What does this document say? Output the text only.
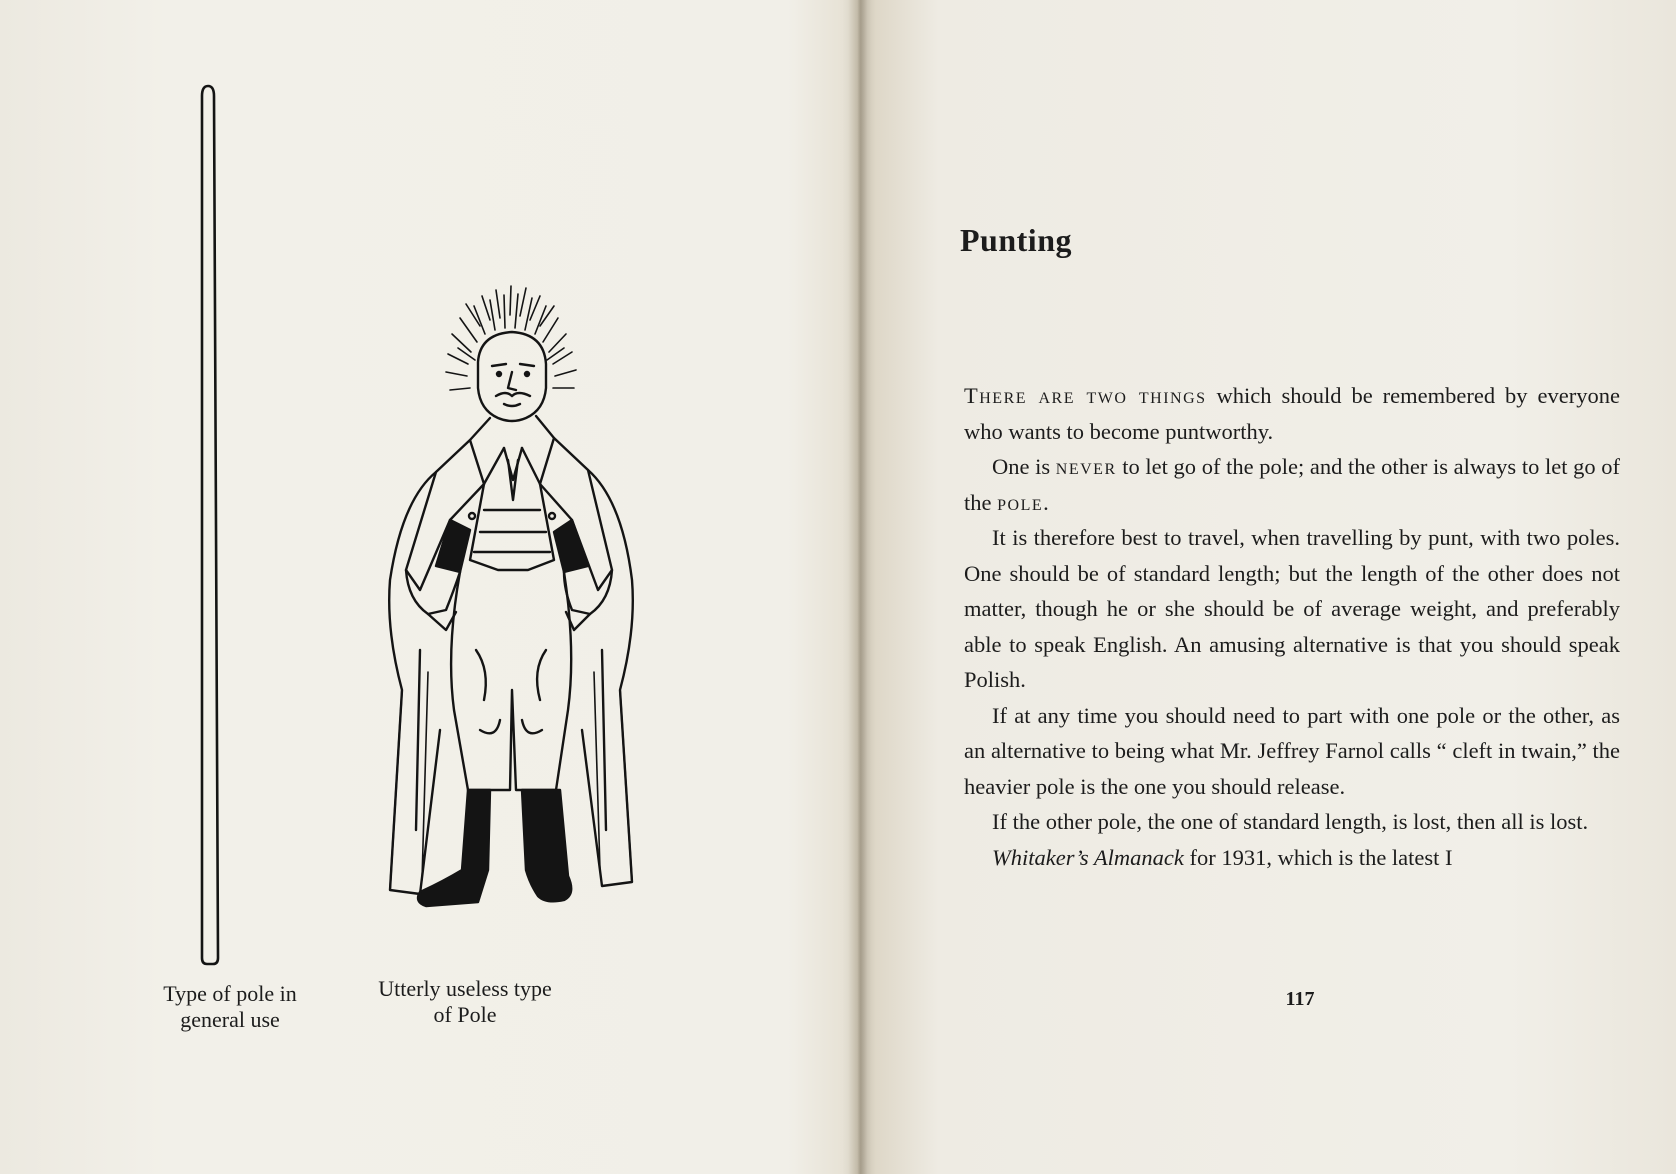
Type of pole in
general use
Utterly useless type
of Pole
Punting

There are two things which should be remembered by everyone who wants to become puntworthy.

One is never to let go of the pole; and the other is always to let go of the pole.

It is therefore best to travel, when travelling by punt, with two poles. One should be of standard length; but the length of the other does not matter, though he or she should be of average weight, and preferably able to speak English. An amusing alternative is that you should speak Polish.

If at any time you should need to part with one pole or the other, as an alternative to being what Mr. Jeffrey Farnol calls “ cleft in twain,” the heavier pole is the one you should release.

If the other pole, the one of standard length, is lost, then all is lost.

Whitaker’s Almanack for 1931, which is the latest I

117
